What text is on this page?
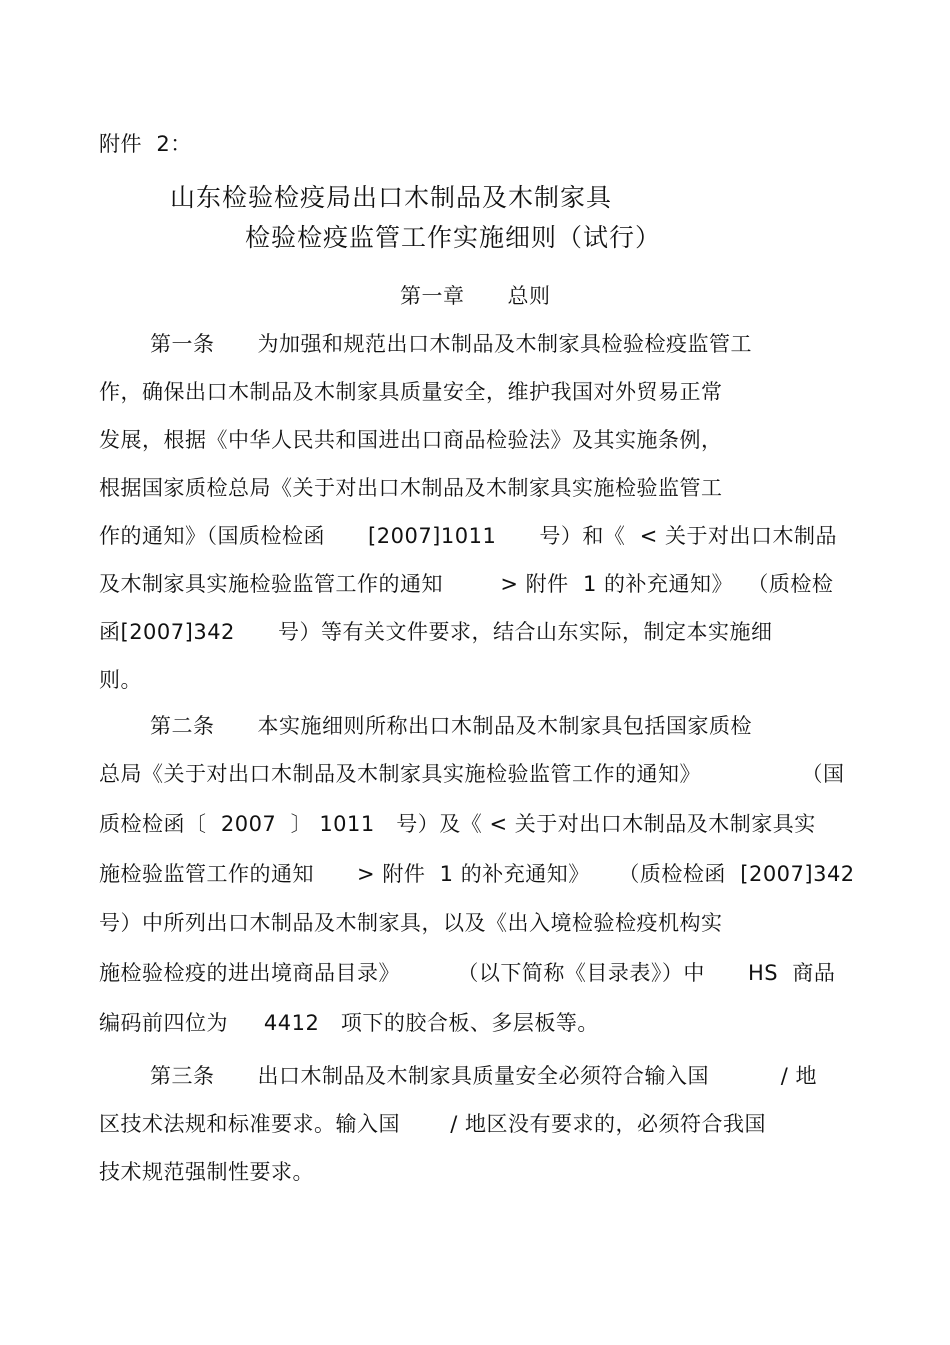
附件  2：
山东检验检疫局出口木制品及木制家具
检验检疫监管工作实施细则（试行）
第一章      总则
第一条      为加强和规范出口木制品及木制家具检验检疫监管工
作，确保出口木制品及木制家具质量安全，维护我国对外贸易正常
发展，根据《中华人民共和国进出口商品检验法》及其实施条例，
根据国家质检总局《关于对出口木制品及木制家具实施检验监管工
作的通知》（国质检检函      [2007]1011      号）和《  < 关于对出口木制品
及木制家具实施检验监管工作的通知        > 附件  1 的补充通知》  （质检检
函[2007]342      号）等有关文件要求，结合山东实际，制定本实施细
则。
第二条      本实施细则所称出口木制品及木制家具包括国家质检
总局《关于对出口木制品及木制家具实施检验监管工作的通知》              （国
质检检函〔  2007  〕 1011   号）及《 < 关于对出口木制品及木制家具实
施检验监管工作的通知      > 附件  1 的补充通知》    （质检检函  [2007]342
号）中所列出口木制品及木制家具，以及《出入境检验检疫机构实
施检验检疫的进出境商品目录》        （以下简称《目录表》）中      HS  商品
编码前四位为     4412   项下的胶合板、多层板等。
第三条      出口木制品及木制家具质量安全必须符合输入国          / 地
区技术法规和标准要求。输入国       / 地区没有要求的，必须符合我国
技术规范强制性要求。
